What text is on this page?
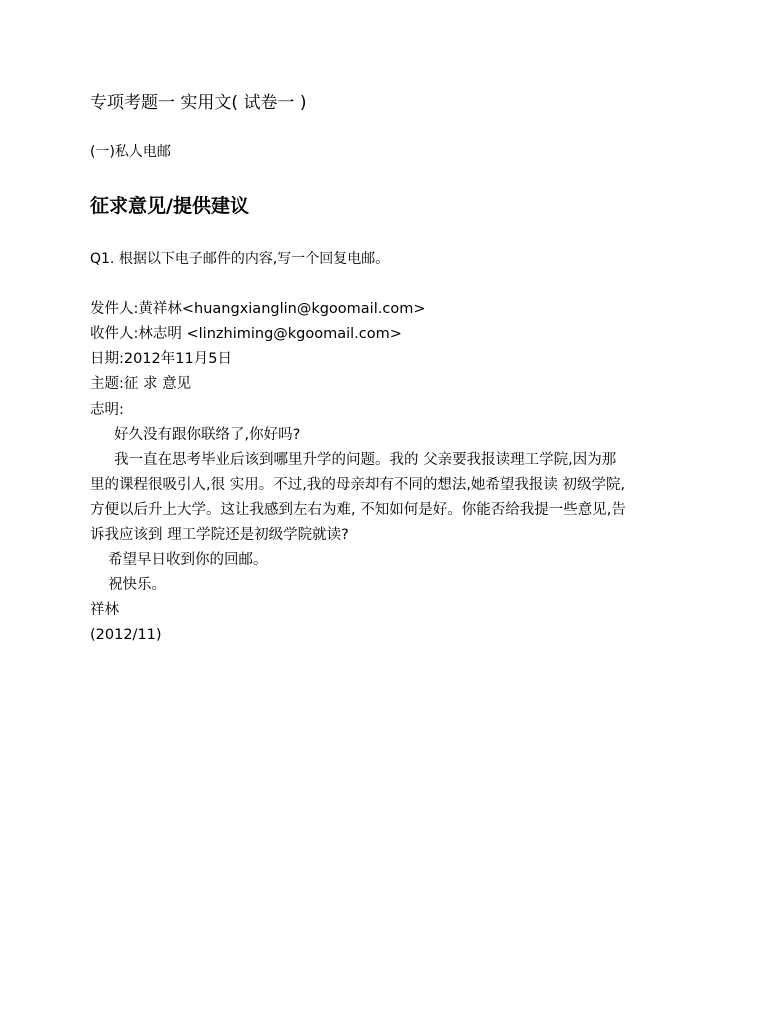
专项考题一 实用文( 试卷一 )
(一)私人电邮
征求意见/提供建议
Q1. 根据以下电子邮件的内容,写一个回复电邮。
发件人:黄祥林<huangxianglin@kgoomail.com>
收件人:林志明 <linzhiming@kgoomail.com>
日期:2012年11月5日
主题:征 求 意见
志明:
好久没有跟你联络了,你好吗?
我一直在思考毕业后该到哪里升学的问题。我的 父亲要我报读理工学院,因为那
里的课程很吸引人,很 实用。不过,我的母亲却有不同的想法,她希望我报读 初级学院,
方便以后升上大学。这让我感到左右为难, 不知如何是好。你能否给我提一些意见,告
诉我应该到 理工学院还是初级学院就读?
希望早日收到你的回邮。
祝快乐。
祥林
(2012/11)
